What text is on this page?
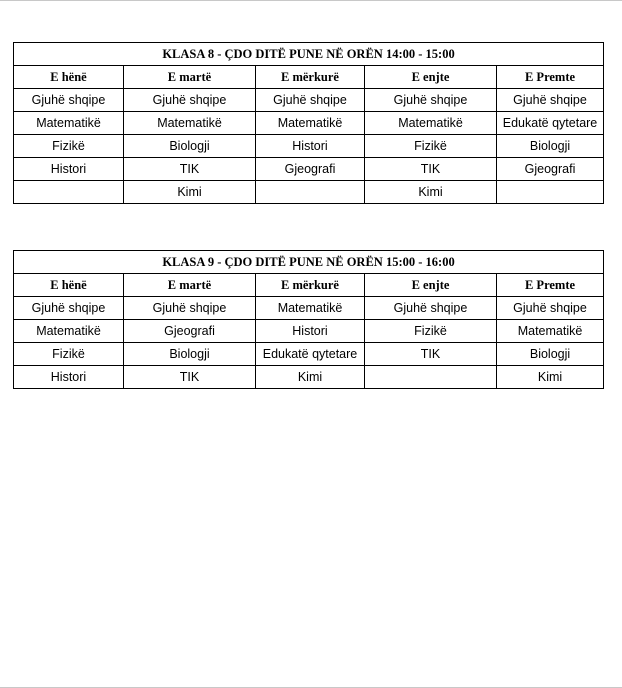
KLASA 8 - ÇDO DITË PUNE NË ORËN 14:00 - 15:00				
E hënë	E martë	E mërkurë	E enjte	E Premte
Gjuhë shqipe	Gjuhë shqipe	Gjuhë shqipe	Gjuhë shqipe	Gjuhë shqipe
Matematikë	Matematikë	Matematikë	Matematikë	Edukatë qytetare
Fizikë	Biologji	Histori	Fizikë	Biologji
Histori	TIK	Gjeografi	TIK	Gjeografi
	Kimi		Kimi	
KLASA 9 - ÇDO DITË PUNE NË ORËN 15:00 - 16:00				
E hënë	E martë	E mërkurë	E enjte	E Premte
Gjuhë shqipe	Gjuhë shqipe	Matematikë	Gjuhë shqipe	Gjuhë shqipe
Matematikë	Gjeografi	Histori	Fizikë	Matematikë
Fizikë	Biologji	Edukatë qytetare	TIK	Biologji
Histori	TIK	Kimi		Kimi
